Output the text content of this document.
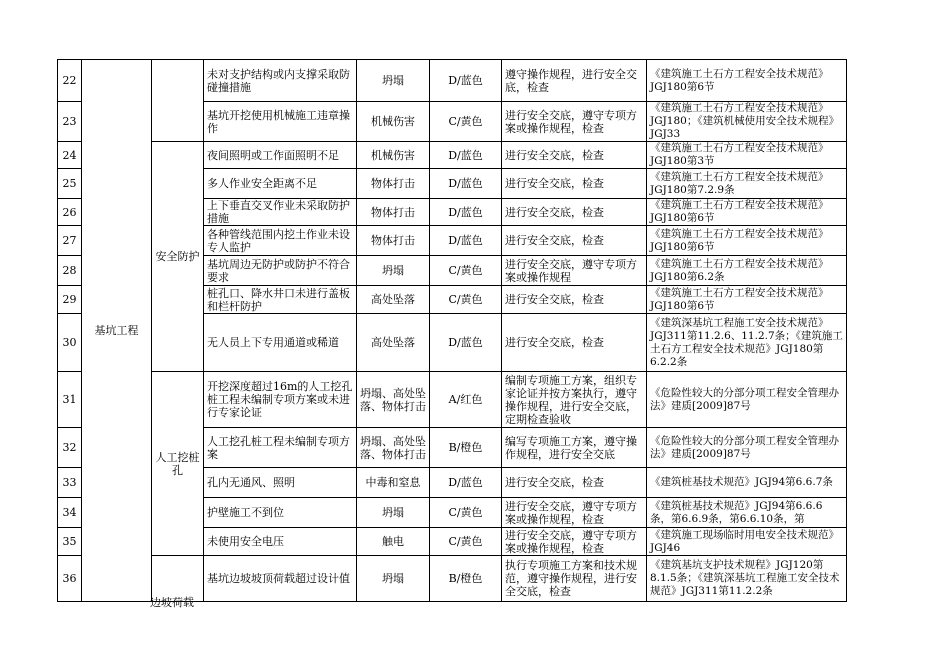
22	基坑工程		未对支护结构或内支撑采取防碰撞措施	坍塌	D/蓝色	遵守操作规程，进行安全交底，检查	《建筑施工土石方工程安全技术规范》JGJ180第6节
23			基坑开挖使用机械施工违章操作	机械伤害	C/黄色	进行安全交底，遵守专项方案或操作规程，检查	《建筑施工土石方工程安全技术规范》JGJ180；《建筑机械使用安全技术规程》JGJ33
24		安全防护	夜间照明或工作面照明不足	机械伤害	D/蓝色	进行安全交底，检查	《建筑施工土石方工程安全技术规范》JGJ180第3节
25			多人作业安全距离不足	物体打击	D/蓝色	进行安全交底，检查	《建筑施工土石方工程安全技术规范》JGJ180第7.2.9条
26			上下垂直交叉作业未采取防护措施	物体打击	D/蓝色	进行安全交底，检查	《建筑施工土石方工程安全技术规范》JGJ180第6节
27			各种管线范围内挖土作业未设专人监护	物体打击	D/蓝色	进行安全交底，检查	《建筑施工土石方工程安全技术规范》JGJ180第6节
28			基坑周边无防护或防护不符合要求	坍塌	C/黄色	进行安全交底，遵守专项方案或操作规程	《建筑施工土石方工程安全技术规范》JGJ180第6.2条
29			桩孔口、降水井口未进行盖板和栏杆防护	高处坠落	C/黄色	进行安全交底，检查	《建筑施工土石方工程安全技术规范》JGJ180第6节
30			无人员上下专用通道或稀道	高处坠落	D/蓝色	进行安全交底，检查	《建筑深基坑工程施工安全技术规范》JGJ311第11.2.6、11.2.7条；《建筑施工土石方工程安全技术规范》JGJ180第6.2.2条
31		人工挖桩孔	开挖深度超过16m的人工挖孔桩工程未编制专项方案或未进行专家论证	坍塌、高处坠落、物体打击	A/红色	编制专项施工方案，组织专家论证并按方案执行，遵守操作规程，进行安全交底，定期检查验收	《危险性较大的分部分项工程安全管理办法》建质[2009]87号
32			人工挖孔桩工程未编制专项方案	坍塌、高处坠落、物体打击	B/橙色	编写专项施工方案，遵守操作规程，进行安全交底	《危险性较大的分部分项工程安全管理办法》建质[2009]87号
33			孔内无通风、照明	中毒和窒息	D/蓝色	进行安全交底，检查	《建筑桩基技术规范》JGJ94第6.6.7条
34			护壁施工不到位	坍塌	C/黄色	进行安全交底，遵守专项方案或操作规程，检查	《建筑桩基技术规范》JGJ94第6.6.6条，第6.6.9条，第6.6.10条，第
35			未使用安全电压	触电	C/黄色	进行安全交底，遵守专项方案或操作规程，检查	《建筑施工现场临时用电安全技术规范》JGJ46
36			基坑边坡坡顶荷载超过设计值	坍塌	B/橙色	执行专项施工方案和技术规范，遵守操作规程，进行安全交底，检查	《建筑基坑支护技术规程》JGJ120第8.1.5条；《建筑深基坑工程施工安全技术规范》JGJ311第11.2.2条
边坡荷载
